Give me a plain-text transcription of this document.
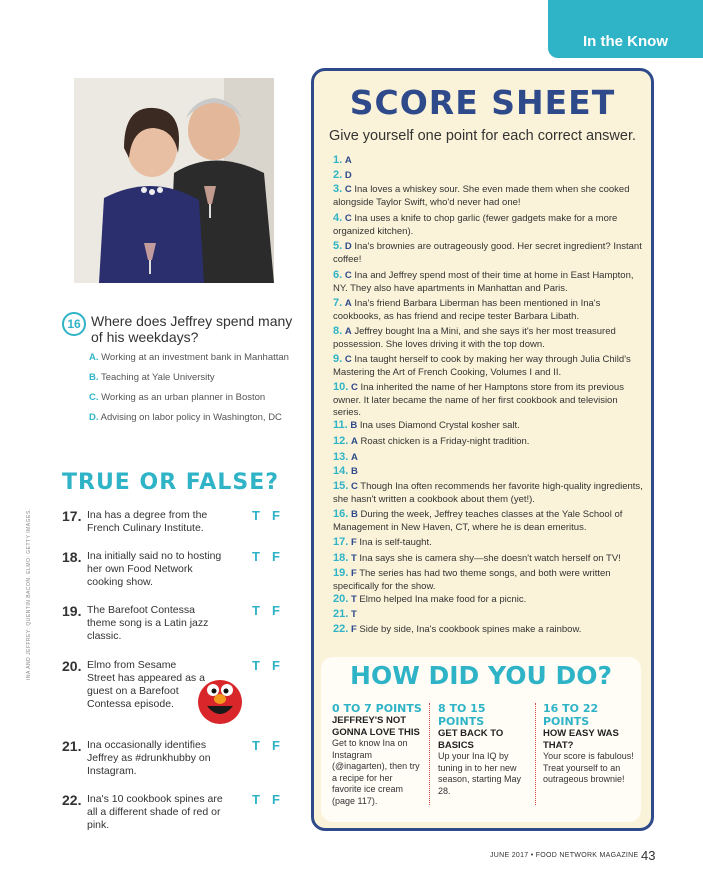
In the Know
INA AND JEFFREY: QUENTIN BACON. ELMO: GETTY IMAGES.
16 Where does Jeffrey spend many of his weekdays?
A. Working at an investment bank in Manhattan
B. Teaching at Yale University
C. Working as an urban planner in Boston
D. Advising on labor policy in Washington, DC
TRUE OR FALSE?
17. Ina has a degree from the French Culinary Institute.
T F
18. Ina initially said no to hosting her own Food Network cooking show.
T F
19. The Barefoot Contessa theme song is a Latin jazz classic.
T F
20. Elmo from Sesame Street has appeared as a guest on a Barefoot Contessa episode.
T F
21. Ina occasionally identifies Jeffrey as #drunkhubby on Instagram.
T F
22. Ina's 10 cookbook spines are all a different shade of red or pink.
T F
SCORE SHEET
Give yourself one point for each correct answer.
1. A
2. D
3. C Ina loves a whiskey sour. She even made them when she cooked alongside Taylor Swift, who'd never had one!
4. C Ina uses a knife to chop garlic (fewer gadgets make for a more organized kitchen).
5. D Ina's brownies are outrageously good. Her secret ingredient? Instant coffee!
6. C Ina and Jeffrey spend most of their time at home in East Hampton, NY. They also have apartments in Manhattan and Paris.
7. A Ina's friend Barbara Liberman has been mentioned in Ina's cookbooks, as has friend and recipe tester Barbara Libath.
8. A Jeffrey bought Ina a Mini, and she says it's her most treasured possession. She loves driving it with the top down.
9. C Ina taught herself to cook by making her way through Julia Child's Mastering the Art of French Cooking, Volumes I and II.
10. C Ina inherited the name of her Hamptons store from its previous owner. It later became the name of her first cookbook and television series.
11. B Ina uses Diamond Crystal kosher salt.
12. A Roast chicken is a Friday-night tradition.
13. A
14. B
15. C Though Ina often recommends her favorite high-quality ingredients, she hasn't written a cookbook about them (yet!).
16. B During the week, Jeffrey teaches classes at the Yale School of Management in New Haven, CT, where he is dean emeritus.
17. F Ina is self-taught.
18. T Ina says she is camera shy—she doesn't watch herself on TV!
19. F The series has had two theme songs, and both were written specifically for the show.
20. T Elmo helped Ina make food for a picnic.
21. T
22. F Side by side, Ina's cookbook spines make a rainbow.
HOW DID YOU DO?
0 TO 7 POINTS
JEFFREY'S NOT GONNA LOVE THIS
Get to know Ina on Instagram (@inagarten), then try a recipe for her favorite ice cream (page 117).
8 TO 15 POINTS
GET BACK TO BASICS
Up your Ina IQ by tuning in to her new season, starting May 28.
16 TO 22 POINTS
HOW EASY WAS THAT?
Your score is fabulous! Treat yourself to an outrageous brownie!
JUNE 2017 • FOOD NETWORK MAGAZINE 43
